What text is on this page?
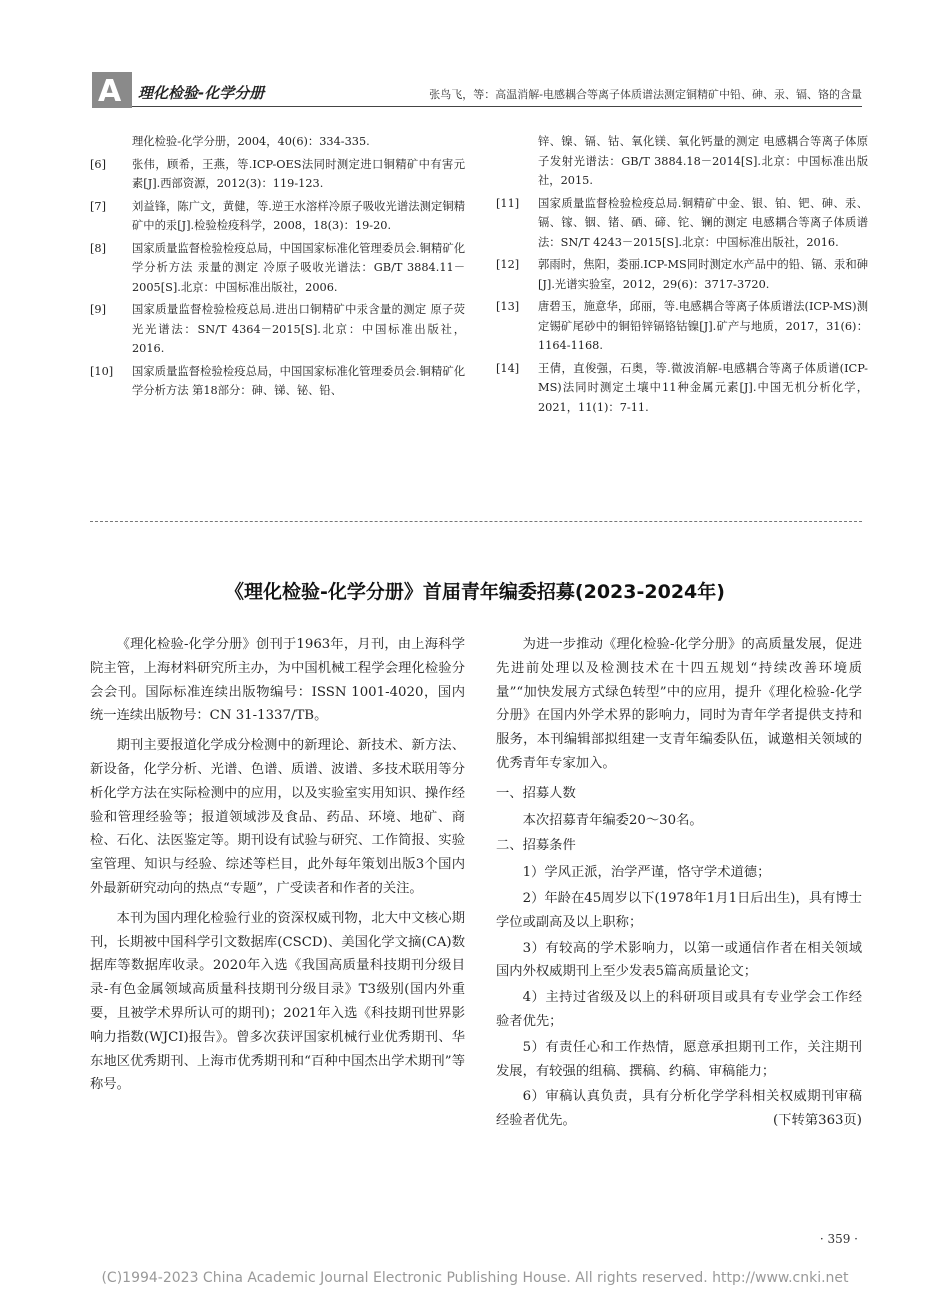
A 理化检验-化学分册	张鸟飞，等：高温消解-电感耦合等离子体质谱法测定铜精矿中铅、砷、汞、镉、铬的含量
理化检验-化学分册，2004，40(6)：334-335.
[6] 张伟，顾希，王燕，等.ICP-OES法同时测定进口铜精矿中有害元素[J].西部资源，2012(3)：119-123.
[7] 刘益锋，陈广文，黄健，等.逆王水溶样冷原子吸收光谱法测定铜精矿中的汞[J].检验检疫科学，2008，18(3)：19-20.
[8] 国家质量监督检验检疫总局，中国国家标准化管理委员会.铜精矿化学分析方法 汞量的测定 冷原子吸收光谱法：GB/T 3884.11－2005[S].北京：中国标准出版社，2006.
[9] 国家质量监督检验检疫总局.进出口铜精矿中汞含量的测定 原子荧光光谱法：SN/T 4364－2015[S].北京：中国标准出版社，2016.
[10] 国家质量监督检验检疫总局，中国国家标准化管理委员会.铜精矿化学分析方法 第18部分：砷、锑、铋、铅、
锌、镍、镉、钴、氧化镁、氧化钙量的测定 电感耦合等离子体原子发射光谱法：GB/T 3884.18－2014[S].北京：中国标准出版社，2015.
[11] 国家质量监督检验检疫总局.铜精矿中金、银、铂、钯、砷、汞、镉、镓、铟、锗、硒、碲、铊、镧的测定 电感耦合等离子体质谱法：SN/T 4243－2015[S].北京：中国标准出版社，2016.
[12] 郭雨时，焦阳，娄丽.ICP-MS同时测定水产品中的铅、镉、汞和砷[J].光谱实验室，2012，29(6)：3717-3720.
[13] 唐碧玉，施意华，邱丽，等.电感耦合等离子体质谱法(ICP-MS)测定锡矿尾砂中的铜铅锌镉铬钴镍[J].矿产与地质，2017，31(6)：1164-1168.
[14] 王倩，直俊强，石奥，等.微波消解-电感耦合等离子体质谱(ICP-MS)法同时测定土壤中11种金属元素[J].中国无机分析化学，2021，11(1)：7-11.
《理化检验-化学分册》首届青年编委招募(2023-2024年)

《理化检验-化学分册》创刊于1963年，月刊，由上海科学院主管，上海材料研究所主办，为中国机械工程学会理化检验分会会刊。国际标准连续出版物编号：ISSN 1001-4020，国内统一连续出版物号：CN 31-1337/TB。

期刊主要报道化学成分检测中的新理论、新技术、新方法、新设备，化学分析、光谱、色谱、质谱、波谱、多技术联用等分析化学方法在实际检测中的应用，以及实验室实用知识、操作经验和管理经验等；报道领域涉及食品、药品、环境、地矿、商检、石化、法医鉴定等。期刊设有试验与研究、工作简报、实验室管理、知识与经验、综述等栏目，此外每年策划出版3个国内外最新研究动向的热点“专题”，广受读者和作者的关注。

本刊为国内理化检验行业的资深权威刊物，北大中文核心期刊，长期被中国科学引文数据库(CSCD)、美国化学文摘(CA)数据库等数据库收录。2020年入选《我国高质量科技期刊分级目录-有色金属领域高质量科技期刊分级目录》T3级别(国内外重要，且被学术界所认可的期刊)；2021年入选《科技期刊世界影响力指数(WJCI)报告》。曾多次获评国家机械行业优秀期刊、华东地区优秀期刊、上海市优秀期刊和“百种中国杰出学术期刊”等称号。

为进一步推动《理化检验-化学分册》的高质量发展，促进先进前处理以及检测技术在十四五规划“持续改善环境质量”“加快发展方式绿色转型”中的应用，提升《理化检验-化学分册》在国内外学术界的影响力，同时为青年学者提供支持和服务，本刊编辑部拟组建一支青年编委队伍，诚邀相关领域的优秀青年专家加入。

一、招募人数

本次招募青年编委20～30名。

二、招募条件

1）学风正派，治学严谨，恪守学术道德；

2）年龄在45周岁以下(1978年1月1日后出生)，具有博士学位或副高及以上职称；

3）有较高的学术影响力，以第一或通信作者在相关领域国内外权威期刊上至少发表5篇高质量论文；

4）主持过省级及以上的科研项目或具有专业学会工作经验者优先；

5）有责任心和工作热情，愿意承担期刊工作，关注期刊发展，有较强的组稿、撰稿、约稿、审稿能力；

6）审稿认真负责，具有分析化学学科相关权威期刊审稿经验者优先。	(下转第363页)

· 359 ·
(C)1994-2023 China Academic Journal Electronic Publishing House. All rights reserved. http://www.cnki.net
